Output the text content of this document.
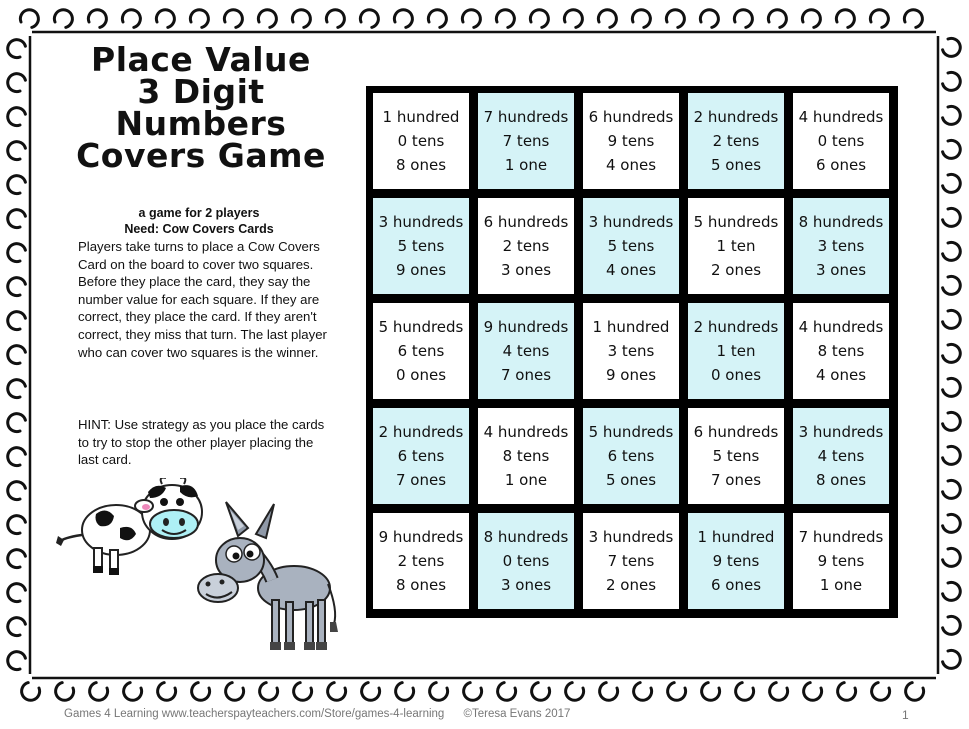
Place Value
3 Digit
Numbers
Covers Game
a game for 2 players
Need: Cow Covers Cards
Players take turns to place a Cow Covers Card on the board to cover two squares. Before they place the card, they say the number value for each square. If they are correct, they place the card. If they aren't correct, they miss that turn. The last player who can cover two squares is the winner.
HINT: Use strategy as you place the cards to try to stop the other player placing the last card.
1 hundred
0 tens
8 ones
7 hundreds
7 tens
1 one
6 hundreds
9 tens
4 ones
2 hundreds
2 tens
5 ones
4 hundreds
0 tens
6 ones
3 hundreds
5 tens
9 ones
6 hundreds
2 tens
3 ones
3 hundreds
5 tens
4 ones
5 hundreds
1 ten
2 ones
8 hundreds
3 tens
3 ones
5 hundreds
6 tens
0 ones
9 hundreds
4 tens
7 ones
1 hundred
3 tens
9 ones
2 hundreds
1 ten
0 ones
4 hundreds
8 tens
4 ones
2 hundreds
6 tens
7 ones
4 hundreds
8 tens
1 one
5 hundreds
6 tens
5 ones
6 hundreds
5 tens
7 ones
3 hundreds
4 tens
8 ones
9 hundreds
2 tens
8 ones
8 hundreds
0 tens
3 ones
3 hundreds
7 tens
2 ones
1 hundred
9 tens
6 ones
7 hundreds
9 tens
1 one
Games 4 Learning www.teacherspayteachers.com/Store/games-4-learning      ©Teresa Evans 2017	1
